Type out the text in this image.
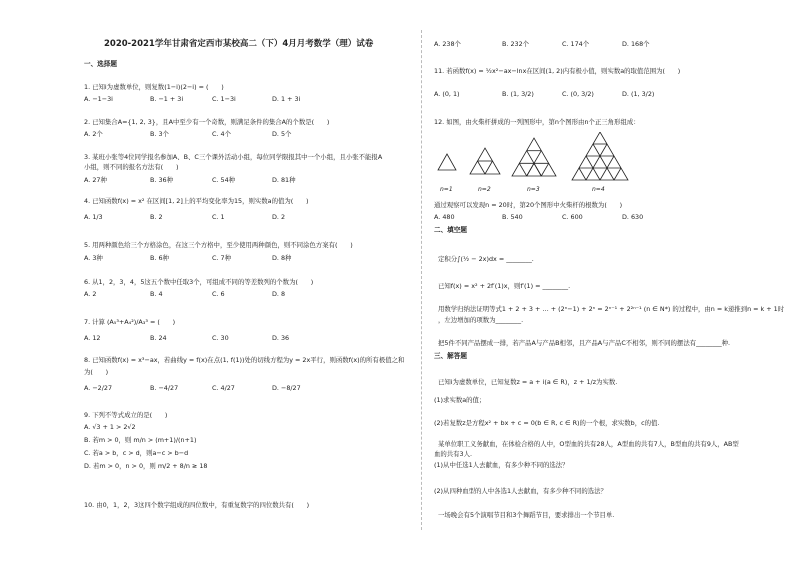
2020-2021学年甘肃省定西市某校高二（下）4月月考数学（理）试卷
一、选择题
1. 已知i为虚数单位，则复数(1−i)(2−i) = (　　)
A. −1−3i	B. −1 + 3i	C. 1−3i	D. 1 + 3i
2. 已知集合A={1, 2, 3}，且A中至少有一个奇数，则满足条件的集合A的个数是(　　)
A. 2个	B. 3个	C. 4个	D. 5个
3. 某班小张等4位同学报名参加A、B、C三个课外活动小组，每位同学限报其中一个小组，且小张不能报A
小组，则不同的报名方法有(　　)
A. 27种	B. 36种	C. 54种	D. 81种
4. 已知函数f(x) = x² 在区间[1, 2]上的平均变化率为15，则实数a的值为(　　)
A. 1/3	B. 2	C. 1	D. 2
5. 用两种颜色给三个方格涂色，在这三个方格中，至少使用两种颜色，则不同涂色方案有(　　)
A. 3种	B. 6种	C. 7种	D. 8种
6. 从1，2，3，4，5这五个数中任取3个，可组成不同的等差数列的个数为(　　)
A. 2	B. 4	C. 6	D. 8
7. 计算 (A₅³+A₄²)/A₃³ = (　　)
A. 12	B. 24	C. 30	D. 36
8. 已知函数f(x) = x³−ax，若曲线y = f(x)在点(1, f(1))处的切线方程为y = 2x平行，则函数f(x)的所有极值之和
为(　　)
A. −2/27	B. −4/27	C. 4/27	D. −8/27
9. 下列不等式成立的是(　　)
A. √3 + 1 > 2√2
B. 若m > 0，则 m/n > (m+1)/(n+1)
C. 若a > b，c > d，则a−c > b−d
D. 若m > 0，n > 0，则 m/2 + 8/n ≥ 18
10. 由0，1，2，3这四个数字组成的四位数中，有重复数字的四位数共有(　　)
A. 238个	B. 232个	C. 174个	D. 168个
11. 若函数f(x) = ½x²−ax−lnx在区间(1, 2)内有极小值，则实数a的取值范围为(　　)
A. (0, 1)	B. (1, 3/2)	C. (0, 3/2)	D. (1, 3/2)
12. 如图，由火柴杆拼成的一列图形中，第n个图形由n个正三角形组成：
n=1	n=2	n=3	n=4
通过观察可以发现n = 20时，第20个图形中火柴杆的根数为(　　)
A. 480	B. 540	C. 600	D. 630
二、填空题
定积分∫(½ − 2x)dx = ________.
已知f(x) = x² + 2f′(1)x，则f′(1) = ________.
用数学归纳法证明等式1 + 2 + 3 + … + (2ⁿ−1) + 2ⁿ = 2ⁿ⁻¹ + 2²ⁿ⁻¹ (n ∈ N*) 的过程中，由n = k递推到n = k + 1时
，左边增加的项数为________.
把5件不同产品摆成一排，若产品A与产品B相邻，且产品A与产品C不相邻，则不同的摆法有________种.
三、解答题
已知i为虚数单位，已知复数z = a + i(a ∈ R)，z + 1/z为实数.
(1)求实数a的值；
(2)若复数z是方程x² + bx + c = 0(b ∈ R, c ∈ R)的一个根，求实数b，c的值.
某单位职工义务献血，在体检合格的人中，O型血的共有28人，A型血的共有7人，B型血的共有9人，AB型
血的共有3人.
(1)从中任选1人去献血，有多少种不同的选法？
(2)从四种血型的人中各选1人去献血，有多少种不同的选法？
一场晚会有5个演唱节目和3个舞蹈节目，要求排出一个节目单.
